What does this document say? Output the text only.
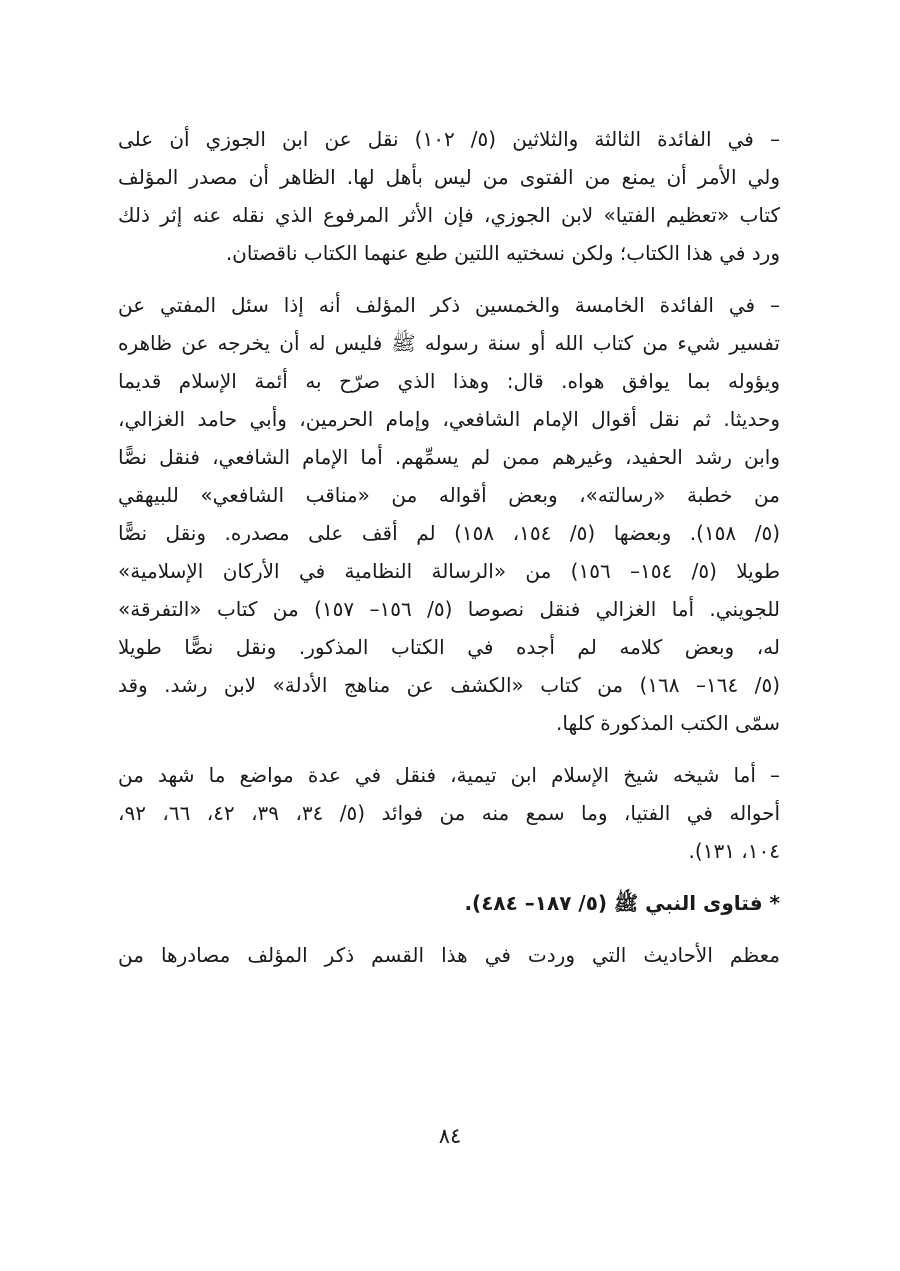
– في الفائدة الثالثة والثلاثين (٥/ ١٠٢) نقل عن ابن الجوزي أن على
ولي الأمر أن يمنع من الفتوى من ليس بأهل لها. الظاهر أن مصدر المؤلف
كتاب «تعظيم الفتيا» لابن الجوزي، فإن الأثر المرفوع الذي نقله عنه إثر ذلك
ورد في هذا الكتاب؛ ولكن نسختيه اللتين طبع عنهما الكتاب ناقصتان.
– في الفائدة الخامسة والخمسين ذكر المؤلف أنه إذا سئل المفتي عن
تفسير شيء من كتاب الله أو سنة رسوله ﷺ فليس له أن يخرجه عن ظاهره
ويؤوله بما يوافق هواه. قال: وهذا الذي صرّح به أئمة الإسلام قديما
وحديثا. ثم نقل أقوال الإمام الشافعي، وإمام الحرمين، وأبي حامد الغزالي،
وابن رشد الحفيد، وغيرهم ممن لم يسمِّهم. أما الإمام الشافعي، فنقل نصًّا
من خطبة «رسالته»، وبعض أقواله من «مناقب الشافعي» للبيهقي
(٥/ ١٥٨). وبعضها (٥/ ١٥٤، ١٥٨) لم أقف على مصدره. ونقل نصًّا
طويلا (٥/ ١٥٤– ١٥٦) من «الرسالة النظامية في الأركان الإسلامية»
للجويني. أما الغزالي فنقل نصوصا (٥/ ١٥٦– ١٥٧) من كتاب «التفرقة»
له، وبعض كلامه لم أجده في الكتاب المذكور. ونقل نصًّا طويلا
(٥/ ١٦٤– ١٦٨) من كتاب «الكشف عن مناهج الأدلة» لابن رشد. وقد
سمّى الكتب المذكورة كلها.
– أما شيخه شيخ الإسلام ابن تيمية، فنقل في عدة مواضع ما شهد من
أحواله في الفتيا، وما سمع منه من فوائد (٥/ ٣٤، ٣٩، ٤٢، ٦٦، ٩٢،
١٠٤، ١٣١).
* فتاوى النبي ﷺ (٥/ ١٨٧– ٤٨٤).
معظم الأحاديث التي وردت في هذا القسم ذكر المؤلف مصادرها من
٨٤
